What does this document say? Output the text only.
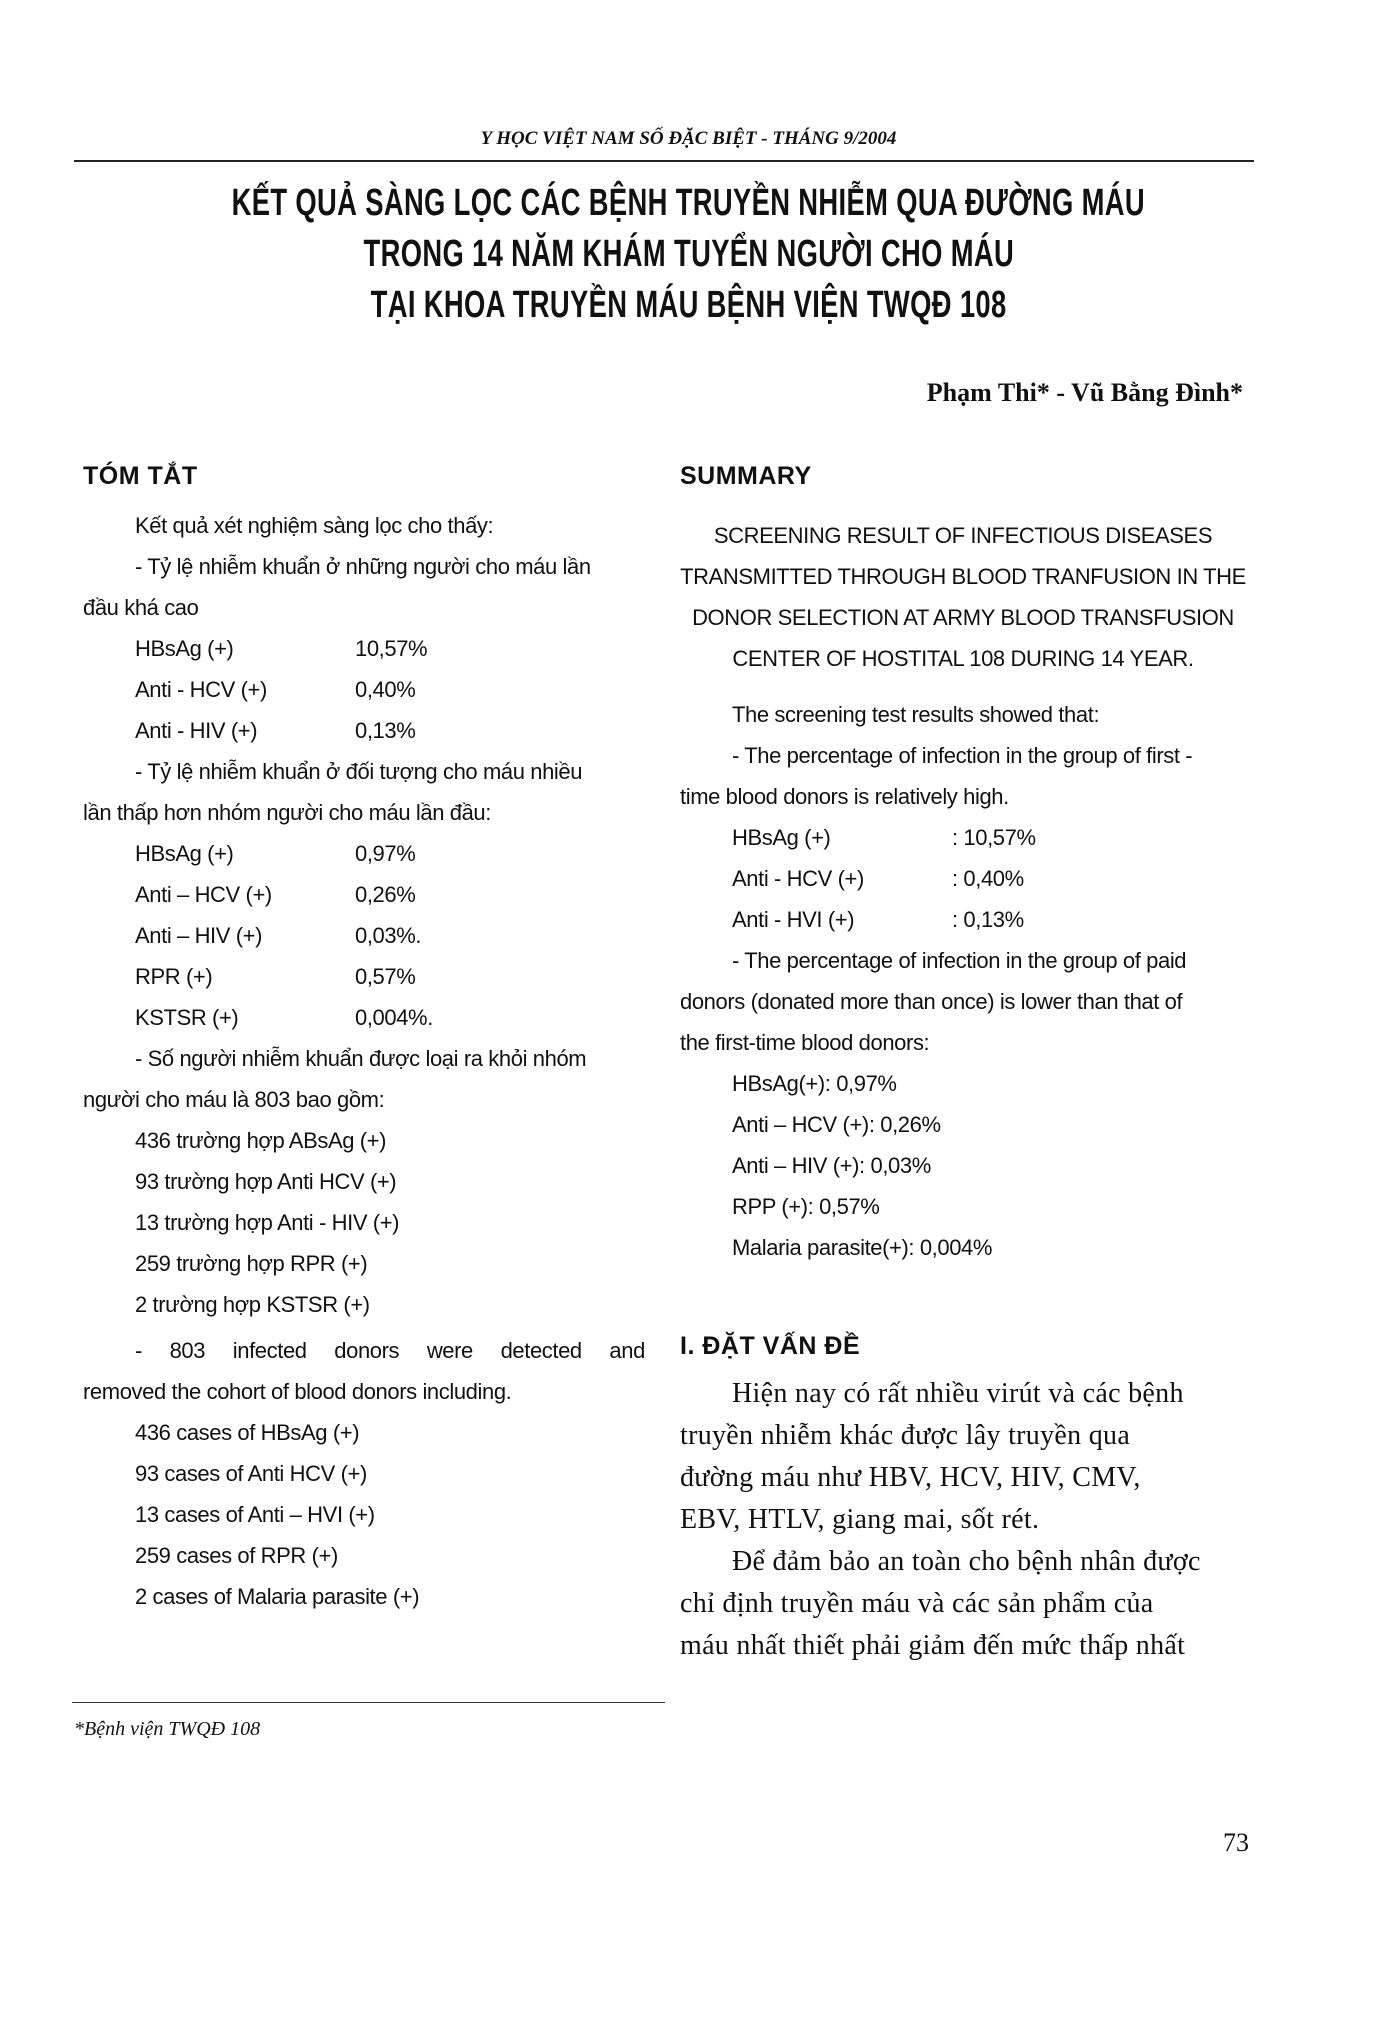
Y HỌC VIỆT NAM SỐ ĐẶC BIỆT - THÁNG 9/2004
KẾT QUẢ SÀNG LỌC CÁC BỆNH TRUYỀN NHIỄM QUA ĐƯỜNG MÁU
TRONG 14 NĂM KHÁM TUYỂN NGƯỜI CHO MÁU
TẠI KHOA TRUYỀN MÁU BỆNH VIỆN TWQĐ 108
Phạm Thi* - Vũ Bằng Đình*
TÓM TẮT	SUMMARY
Kết quả xét nghiệm sàng lọc cho thấy:
- Tỷ lệ nhiễm khuẩn ở những người cho máu lần
đầu khá cao
HBsAg (+)	10,57%
Anti - HCV (+)	0,40%
Anti - HIV (+)	0,13%
- Tỷ lệ nhiễm khuẩn ở đối tượng cho máu nhiều
lần thấp hơn nhóm người cho máu lần đầu:
HBsAg (+)	0,97%
Anti – HCV (+)	0,26%
Anti – HIV (+)	0,03%.
RPR (+)	0,57%
KSTSR (+)	0,004%.
- Số người nhiễm khuẩn được loại ra khỏi nhóm
người cho máu là 803 bao gồm:
436 trường hợp ABsAg (+)
93 trường hợp Anti HCV (+)
13 trường hợp Anti - HIV (+)
259 trường hợp RPR (+)
2 trường hợp KSTSR (+)
- 803 infected donors were detected and
removed the cohort of blood donors including.
436 cases of HBsAg (+)
93 cases of Anti HCV (+)
13 cases of Anti – HVI (+)
259 cases of RPR (+)
2 cases of Malaria parasite (+)
SCREENING RESULT OF INFECTIOUS DISEASES
TRANSMITTED THROUGH BLOOD TRANFUSION IN THE
DONOR SELECTION AT ARMY BLOOD TRANSFUSION
CENTER OF HOSTITAL 108 DURING 14 YEAR.
The screening test results showed that:
- The percentage of infection in the group of first -
time blood donors is relatively high.
HBsAg (+)	: 10,57%
Anti - HCV (+)	: 0,40%
Anti - HVI (+)	: 0,13%
- The percentage of infection in the group of paid
donors (donated more than once) is lower than that of
the first-time blood donors:
HBsAg(+): 0,97%
Anti – HCV (+): 0,26%
Anti – HIV (+): 0,03%
RPP (+): 0,57%
Malaria parasite(+): 0,004%
I. ĐẶT VẤN ĐỀ
Hiện nay có rất nhiều virút và các bệnh
truyền nhiễm khác được lây truyền qua
đường máu như HBV, HCV, HIV, CMV,
EBV, HTLV, giang mai, sốt rét.
Để đảm bảo an toàn cho bệnh nhân được
chỉ định truyền máu và các sản phẩm của
máu nhất thiết phải giảm đến mức thấp nhất
*Bệnh viện TWQĐ 108
73
